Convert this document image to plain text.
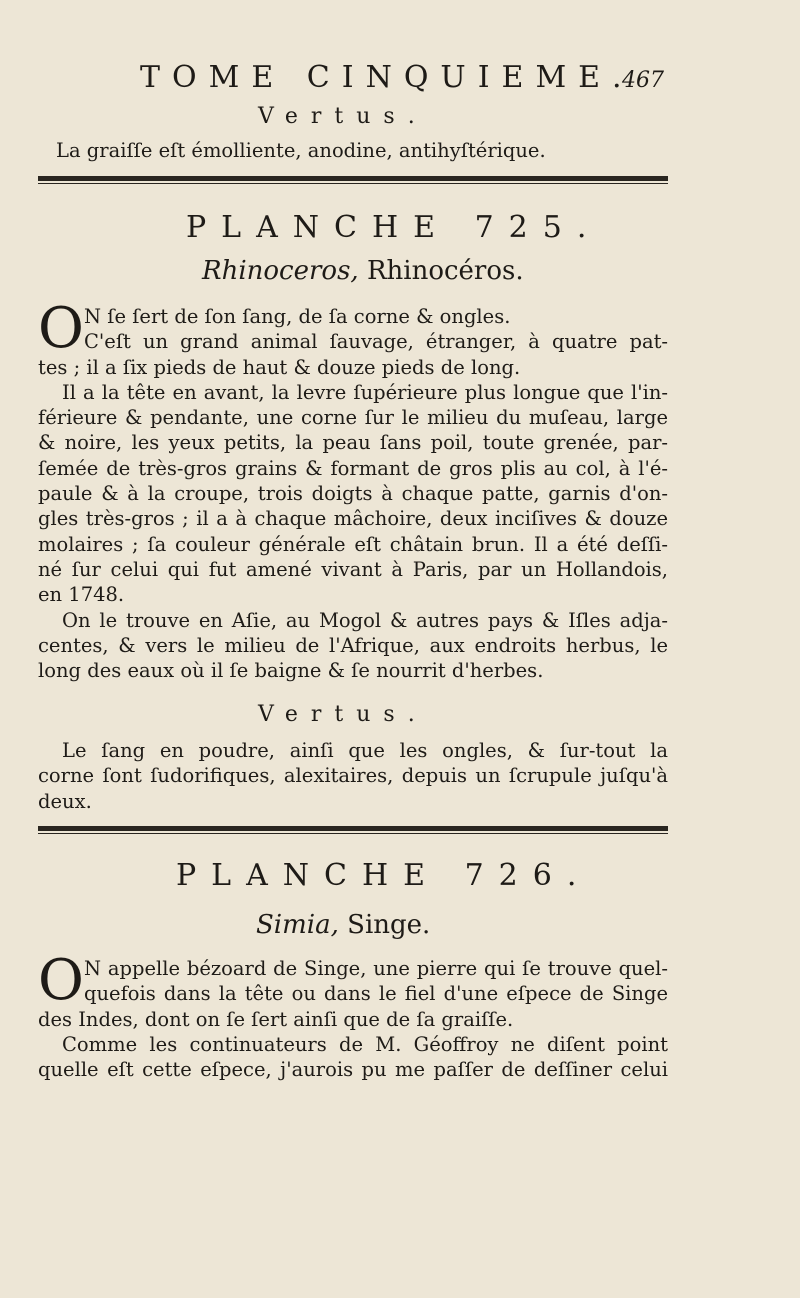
TOME CINQUIEME.
467
Vertus.
La graiſſe eſt émolliente, anodine, antihyſtérique.
PLANCHE 725.
Rhinoceros, Rhinocéros.
O N ſe ſert de ſon ſang, de ſa corne & ongles.
C'eſt un grand animal ſauvage, étranger, à quatre pat-
tes ; il a ſix pieds de haut & douze pieds de long.
Il a la tête en avant, la levre ſupérieure plus longue que l'in-
férieure & pendante, une corne ſur le milieu du muſeau, large
& noire, les yeux petits, la peau ſans poil, toute grenée, par-
ſemée de très-gros grains & formant de gros plis au col, à l'é-
paule & à la croupe, trois doigts à chaque patte, garnis d'on-
gles très-gros ; il a à chaque mâchoire, deux inciſives & douze
molaires ; ſa couleur générale eſt châtain brun. Il a été deſſi-
né ſur celui qui fut amené vivant à Paris, par un Hollandois,
en 1748.
On le trouve en Aſie, au Mogol & autres pays & Iſles adja-
centes, & vers le milieu de l'Afrique, aux endroits herbus, le
long des eaux où il ſe baigne & ſe nourrit d'herbes.
Vertus.
Le ſang en poudre, ainſi que les ongles, & ſur-tout la
corne ſont ſudorifiques, alexitaires, depuis un ſcrupule juſqu'à
deux.
PLANCHE 726.
Simia, Singe.
O N appelle bézoard de Singe, une pierre qui ſe trouve quel-
quefois dans la tête ou dans le fiel d'une eſpece de Singe
des Indes, dont on ſe ſert ainſi que de ſa graiſſe.
Comme les continuateurs de M. Géoffroy ne diſent point
quelle eſt cette eſpece, j'aurois pu me paſſer de deſſiner celui
